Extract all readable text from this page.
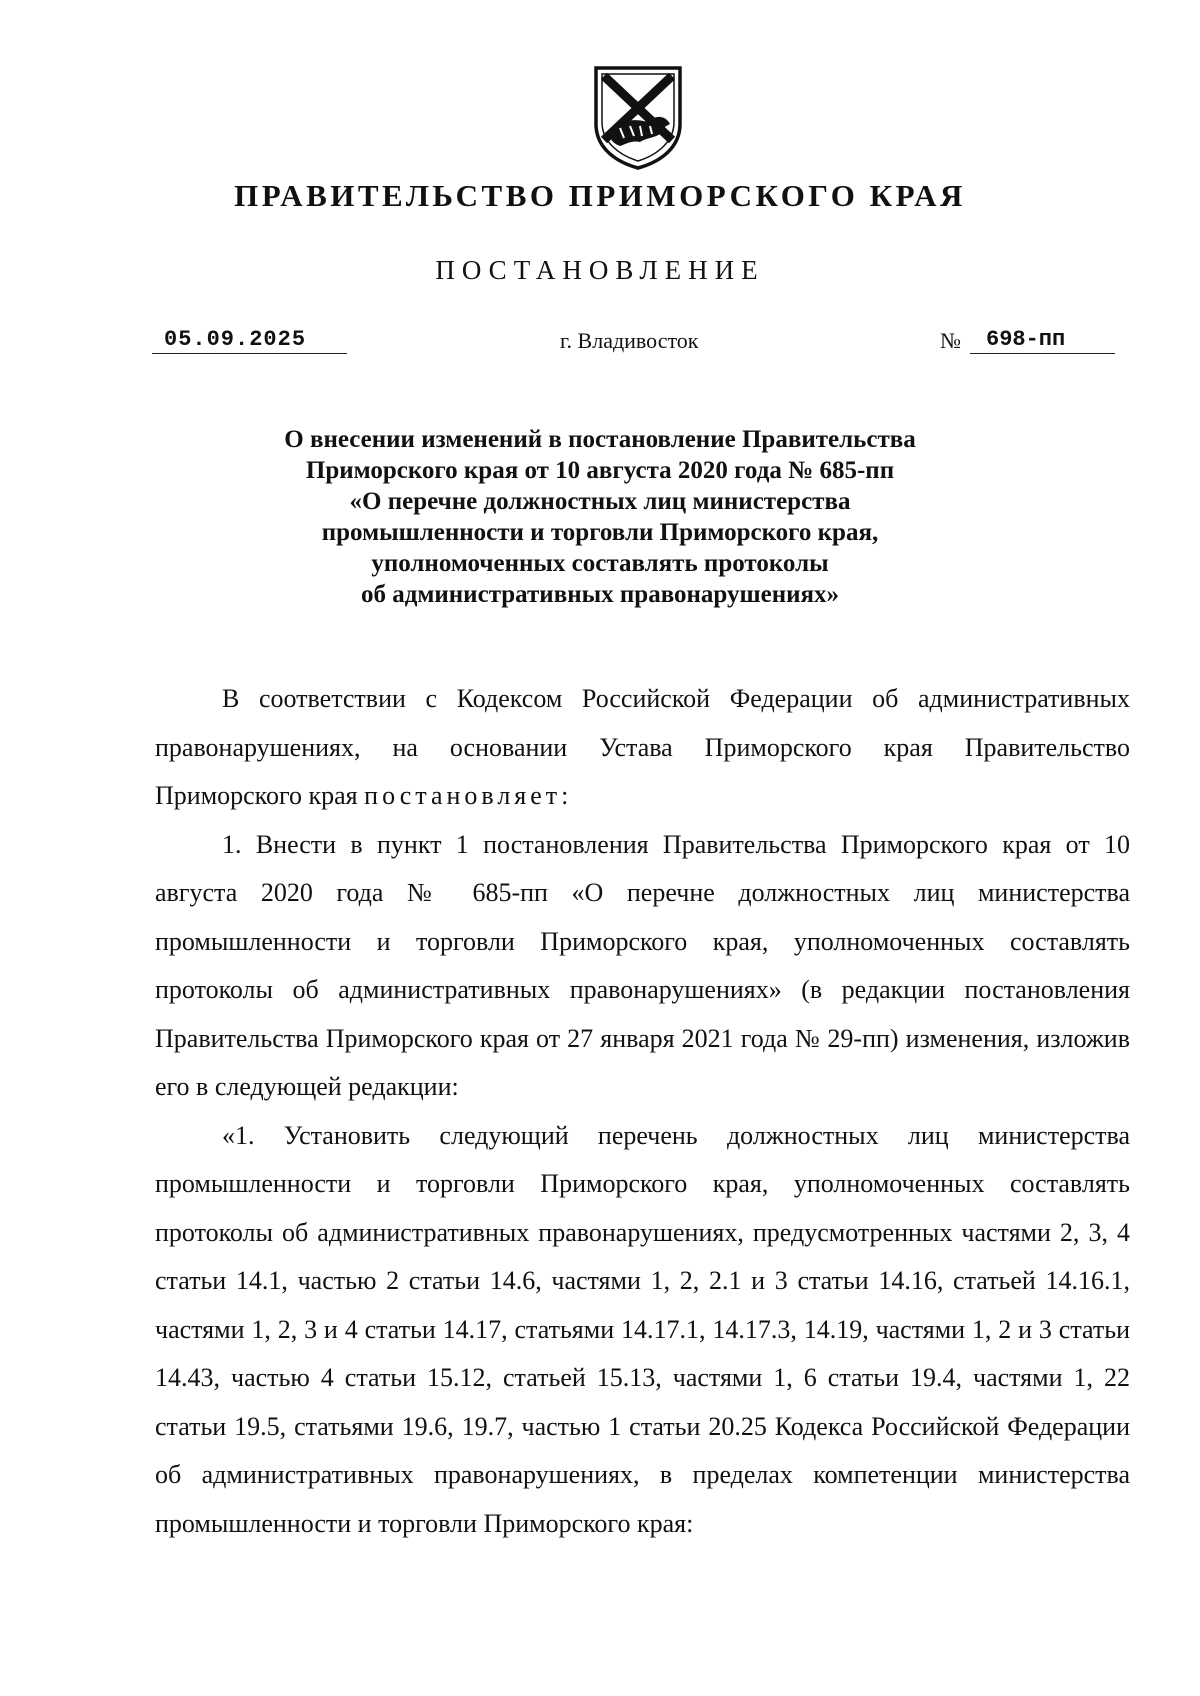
ПРАВИТЕЛЬСТВО ПРИМОРСКОГО КРАЯ
ПОСТАНОВЛЕНИЕ
05.09.2025	г. Владивосток	№	698-пп
О внесении изменений в постановление Правительства
Приморского края от 10 августа 2020 года № 685-пп
«О перечне должностных лиц министерства
промышленности и торговли Приморского края,
уполномоченных составлять протоколы
об административных правонарушениях»

В соответствии с Кодексом Российской Федерации об административных правонарушениях, на основании Устава Приморского края Правительство Приморского края постановляет:

1. Внести в пункт 1 постановления Правительства Приморского края от 10 августа 2020 года № 685-пп «О перечне должностных лиц министерства промышленности и торговли Приморского края, уполномоченных составлять протоколы об административных правонарушениях» (в редакции постановления Правительства Приморского края от 27 января 2021 года № 29-пп) изменения, изложив его в следующей редакции:

«1. Установить следующий перечень должностных лиц министерства промышленности и торговли Приморского края, уполномоченных составлять протоколы об административных правонарушениях, предусмотренных частями 2, 3, 4 статьи 14.1, частью 2 статьи 14.6, частями 1, 2, 2.1 и 3 статьи 14.16, статьей 14.16.1, частями 1, 2, 3 и 4 статьи 14.17, статьями 14.17.1, 14.17.3, 14.19, частями 1, 2 и 3 статьи 14.43, частью 4 статьи 15.12, статьей 15.13, частями 1, 6 статьи 19.4, частями 1, 22 статьи 19.5, статьями 19.6, 19.7, частью 1 статьи 20.25 Кодекса Российской Федерации об административных правонарушениях, в пределах компетенции министерства промышленности и торговли Приморского края:
